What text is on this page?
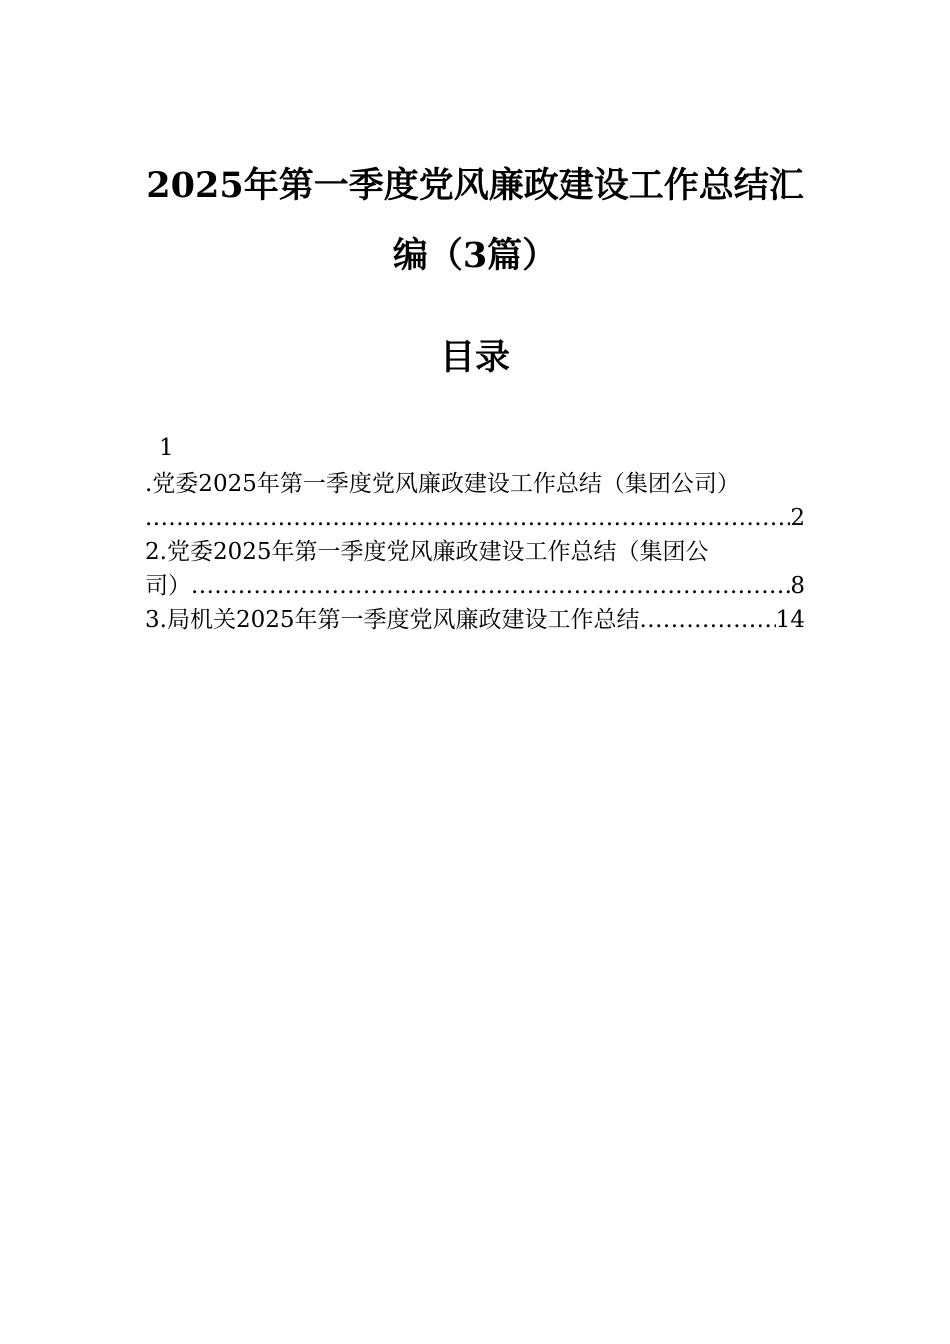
2025年第一季度党风廉政建设工作总结汇
编（3篇）
目录
1
.党委2025年第一季度党风廉政建设工作总结（集团公司）
.....
2
2.党委2025年第一季度党风廉政建设工作总结（集团公
司） .....	8
3.局机关2025年第一季度党风廉政建设工作总结 .....	14
